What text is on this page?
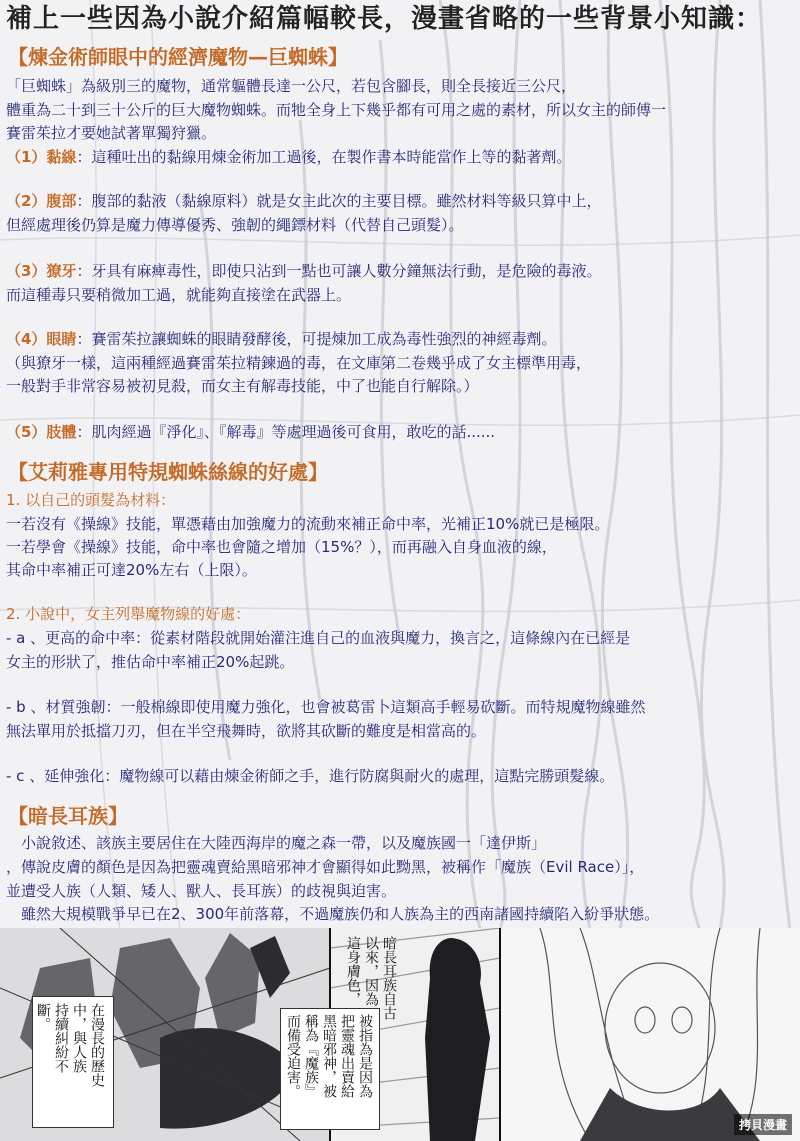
補上一些因為小說介紹篇幅較長，漫畫省略的一些背景小知識：
【煉金術師眼中的經濟魔物—巨蜘蛛】
「巨蜘蛛」為級別三的魔物，通常軀體長達一公尺，若包含腳長，則全長接近三公尺，
體重為二十到三十公斤的巨大魔物蜘蛛。而牠全身上下幾乎都有可用之處的素材，所以女主的師傅一
賽雷茱拉才要她試著單獨狩獵。
（1）黏線：這種吐出的黏線用煉金術加工過後，在製作書本時能當作上等的黏著劑。
（2）腹部：腹部的黏液（黏線原料）就是女主此次的主要目標。雖然材料等級只算中上，
但經處理後仍算是魔力傳導優秀、強韌的繩鏢材料（代替自己頭髮）。
（3）獠牙：牙具有麻痺毒性，即使只沾到一點也可讓人數分鐘無法行動，是危險的毒液。
而這種毒只要稍微加工過，就能夠直接塗在武器上。
（4）眼睛：賽雷茱拉讓蜘蛛的眼睛發酵後，可提煉加工成為毒性強烈的神經毒劑。
（與獠牙一樣，這兩種經過賽雷茱拉精鍊過的毒，在文庫第二卷幾乎成了女主標準用毒，
一般對手非常容易被初見殺，而女主有解毒技能，中了也能自行解除。）
（5）肢體：肌肉經過『淨化』、『解毒』等處理過後可食用，敢吃的話......
【艾莉雅專用特規蜘蛛絲線的好處】
1. 以自己的頭髮為材料：
一若沒有《操線》技能，單憑藉由加強魔力的流動來補正命中率，光補正10%就已是極限。
一若學會《操線》技能，命中率也會隨之增加（15%？），而再融入自身血液的線，
其命中率補正可達20%左右（上限）。
2. 小說中，女主列舉魔物線的好處：
- a 、更高的命中率：從素材階段就開始灌注進自己的血液與魔力，換言之，這條線內在已經是
女主的形狀了，推估命中率補正20%起跳。
- b 、材質強韌：一般棉線即使用魔力強化，也會被葛雷卜這類高手輕易砍斷。而特規魔物線雖然
無法單用於抵擋刀刃，但在半空飛舞時，欲將其砍斷的難度是相當高的。
- c 、延伸強化：魔物線可以藉由煉金術師之手，進行防腐與耐火的處理，這點完勝頭髮線。
【暗長耳族】
　小說敘述、該族主要居住在大陸西海岸的魔之森一帶，以及魔族國一「達伊斯」
，傳說皮膚的顏色是因為把靈魂賣給黑暗邪神才會顯得如此黝黑，被稱作「魔族（Evil Race）」，
並遭受人族（人類、矮人、獸人、長耳族）的歧視與迫害。
　雖然大規模戰爭早已在2、300年前落幕，不過魔族仍和人族為主的西南諸國持續陷入紛爭狀態。
在漫長的歷史
中，與人族
持續糾紛不
斷。	暗長耳族自古
以來，因為
這身膚色，
被指為是因為
把靈魂出賣給
黑暗邪神，被
稱為『魔族』
而備受迫害。
拷貝漫畫
